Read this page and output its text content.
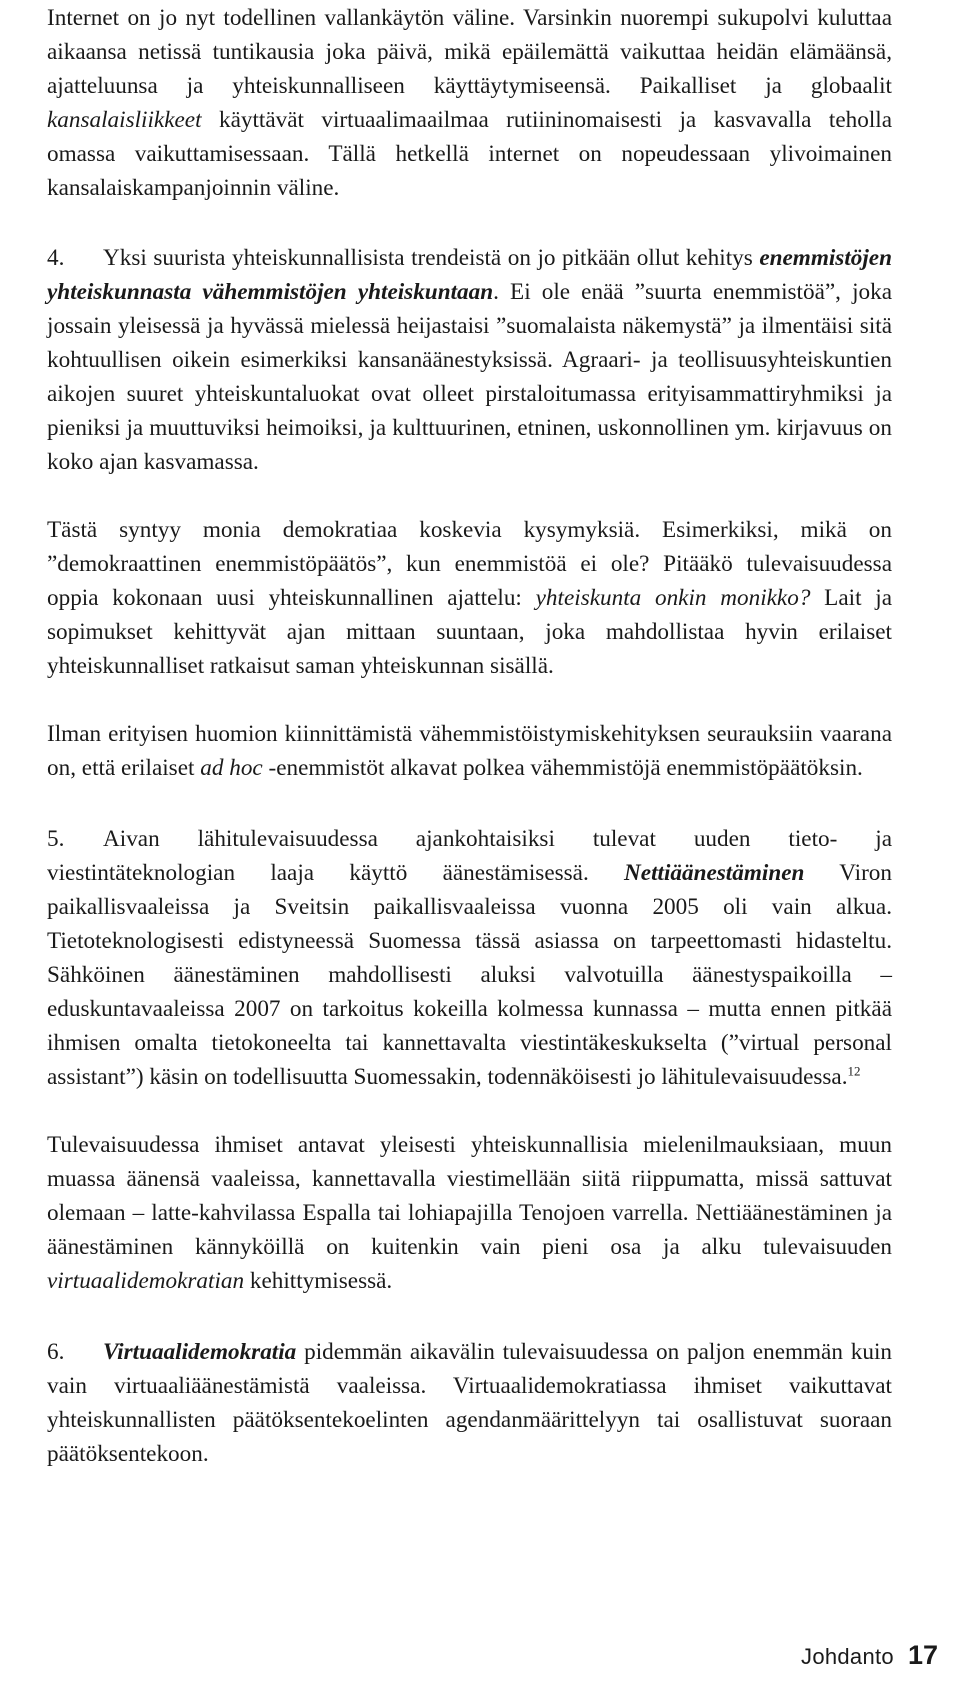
Internet on jo nyt todellinen vallankäytön väline. Varsinkin nuorempi sukupolvi kuluttaa aikaansa netissä tuntikausia joka päivä, mikä epäilemättä vaikuttaa heidän elämäänsä, ajatteluunsa ja yhteiskunnalliseen käyttäytymiseensä. Paikalliset ja globaalit kansalaisliikkeet käyttävät virtuaalimaailmaa rutiininomaisesti ja kasvavalla teholla omassa vaikuttamisessaan. Tällä hetkellä internet on nopeudessaan ylivoimainen kansalaiskampanjoinnin väline.

4.	Yksi suurista yhteiskunnallisista trendeistä on jo pitkään ollut kehitys enemmistöjen yhteiskunnasta vähemmistöjen yhteiskuntaan. Ei ole enää ”suurta enemmistöä”, joka jossain yleisessä ja hyvässä mielessä heijastaisi ”suomalaista näkemystä” ja ilmentäisi sitä kohtuullisen oikein esimerkiksi kansanäänestyksissä. Agraari- ja teollisuusyhteiskuntien aikojen suuret yhteiskuntaluokat ovat olleet pirstaloitumassa erityisammattiryhmiksi ja pieniksi ja muuttuviksi heimoiksi, ja kulttuurinen, etninen, uskonnollinen ym. kirjavuus on koko ajan kasvamassa.

Tästä syntyy monia demokratiaa koskevia kysymyksiä. Esimerkiksi, mikä on ”demokraattinen enemmistöpäätös”, kun enemmistöä ei ole? Pitääkö tulevaisuudessa oppia kokonaan uusi yhteiskunnallinen ajattelu: yhteiskunta onkin monikko? Lait ja sopimukset kehittyvät ajan mittaan suuntaan, joka mahdollistaa hyvin erilaiset yhteiskunnalliset ratkaisut saman yhteiskunnan sisällä.

Ilman erityisen huomion kiinnittämistä vähemmistöistymiskehityksen seurauksiin vaarana on, että erilaiset ad hoc -enemmistöt alkavat polkea vähemmistöjä enemmistöpäätöksin.

5.	Aivan lähitulevaisuudessa ajankohtaisiksi tulevat uuden tieto- ja viestintäteknologian laaja käyttö äänestämisessä. Nettiäänestäminen Viron paikallisvaaleissa ja Sveitsin paikallisvaaleissa vuonna 2005 oli vain alkua. Tietoteknologisesti edistyneessä Suomessa tässä asiassa on tarpeettomasti hidasteltu. Sähköinen äänestäminen mahdollisesti aluksi valvotuilla äänestyspaikoilla – eduskuntavaaleissa 2007 on tarkoitus kokeilla kolmessa kunnassa – mutta ennen pitkää ihmisen omalta tietokoneelta tai kannettavalta viestintäkeskukselta (”virtual personal assistant”) käsin on todellisuutta Suomessakin, todennäköisesti jo lähitulevaisuudessa.$^{12}$

Tulevaisuudessa ihmiset antavat yleisesti yhteiskunnallisia mielenilmauksiaan, muun muassa äänensä vaaleissa, kannettavalla viestimellään siitä riippumatta, missä sattuvat olemaan – latte-kahvilassa Espalla tai lohiapajilla Tenojoen varrella. Nettiäänestäminen ja äänestäminen kännyköillä on kuitenkin vain pieni osa ja alku tulevaisuuden virtuaalidemokratian kehittymisessä.

6.	Virtuaalidemokratia pidemmän aikavälin tulevaisuudessa on paljon enemmän kuin vain virtuaaliäänestämistä vaaleissa. Virtuaalidemokratiassa ihmiset vaikuttavat yhteiskunnallisten päätöksentekoelinten agendanmäärittelyyn tai osallistuvat suoraan päätöksentekoon.

Johdanto 17
